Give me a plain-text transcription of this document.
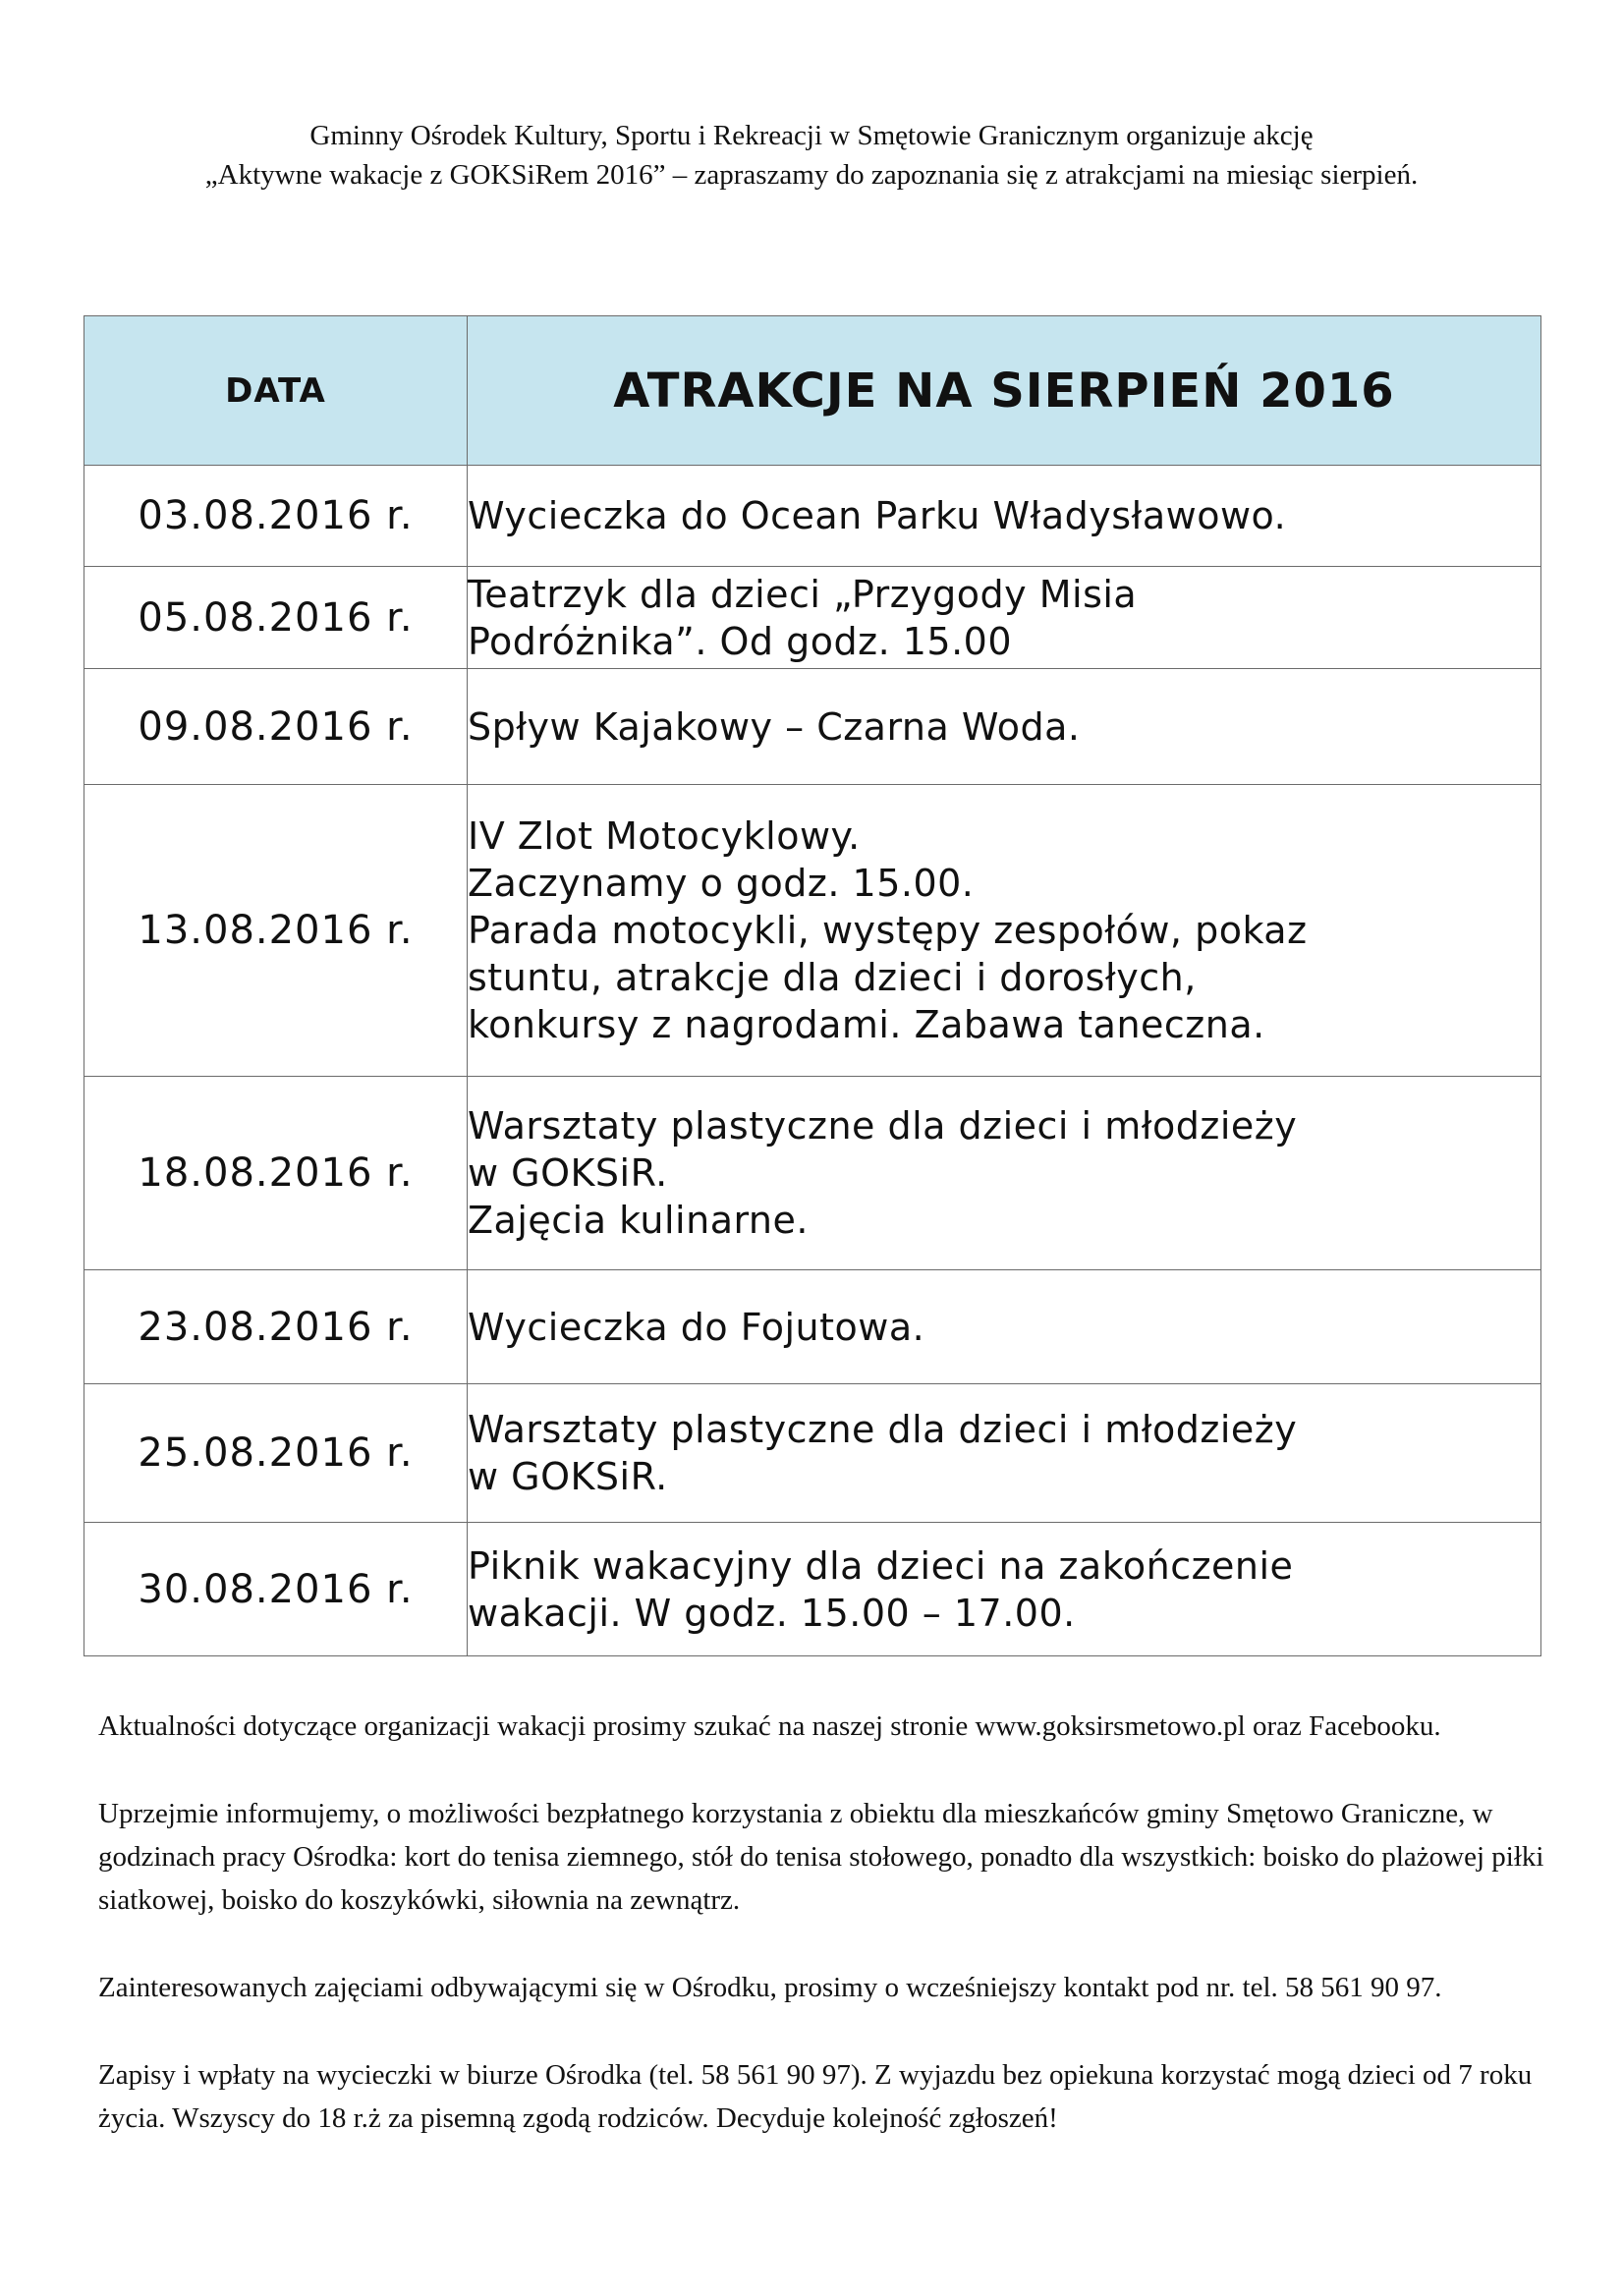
Gminny Ośrodek Kultury, Sportu i Rekreacji w Smętowie Granicznym organizuje akcję

„Aktywne wakacje z GOKSiRem 2016” – zapraszamy do zapoznania się z atrakcjami na miesiąc sierpień.

DATA	ATRAKCJE NA SIERPIEŃ 2016
03.08.2016 r.	Wycieczka do Ocean Parku Władysławowo.

05.08.2016 r.	Teatrzyk dla dzieci „Przygody Misia
Podróżnika”. Od godz. 15.00

09.08.2016 r.	Spływ Kajakowy – Czarna Woda.

13.08.2016 r.	IV Zlot Motocyklowy.
Zaczynamy o godz. 15.00.
Parada motocykli, występy zespołów, pokaz
stuntu, atrakcje dla dzieci i dorosłych,
konkursy z nagrodami. Zabawa taneczna.

18.08.2016 r.	Warsztaty plastyczne dla dzieci i młodzieży
w GOKSiR.
Zajęcia kulinarne.

23.08.2016 r.	Wycieczka do Fojutowa.

25.08.2016 r.	Warsztaty plastyczne dla dzieci i młodzieży
w GOKSiR.

30.08.2016 r.	Piknik wakacyjny dla dzieci na zakończenie
wakacji. W godz. 15.00 – 17.00.

Aktualności dotyczące organizacji wakacji prosimy szukać na naszej stronie www.goksirsmetowo.pl oraz Facebooku.

Uprzejmie informujemy, o możliwości bezpłatnego korzystania z obiektu dla mieszkańców gminy Smętowo Graniczne, w godzinach pracy Ośrodka: kort do tenisa ziemnego, stół do tenisa stołowego, ponadto dla wszystkich: boisko do plażowej piłki siatkowej, boisko do koszykówki, siłownia na zewnątrz.

Zainteresowanych zajęciami odbywającymi się w Ośrodku, prosimy o wcześniejszy kontakt pod nr. tel. 58 561 90 97.

Zapisy i wpłaty na wycieczki w biurze Ośrodka (tel. 58 561 90 97). Z wyjazdu bez opiekuna korzystać mogą dzieci od 7 roku życia. Wszyscy do 18 r.ż za pisemną zgodą rodziców. Decyduje kolejność zgłoszeń!
